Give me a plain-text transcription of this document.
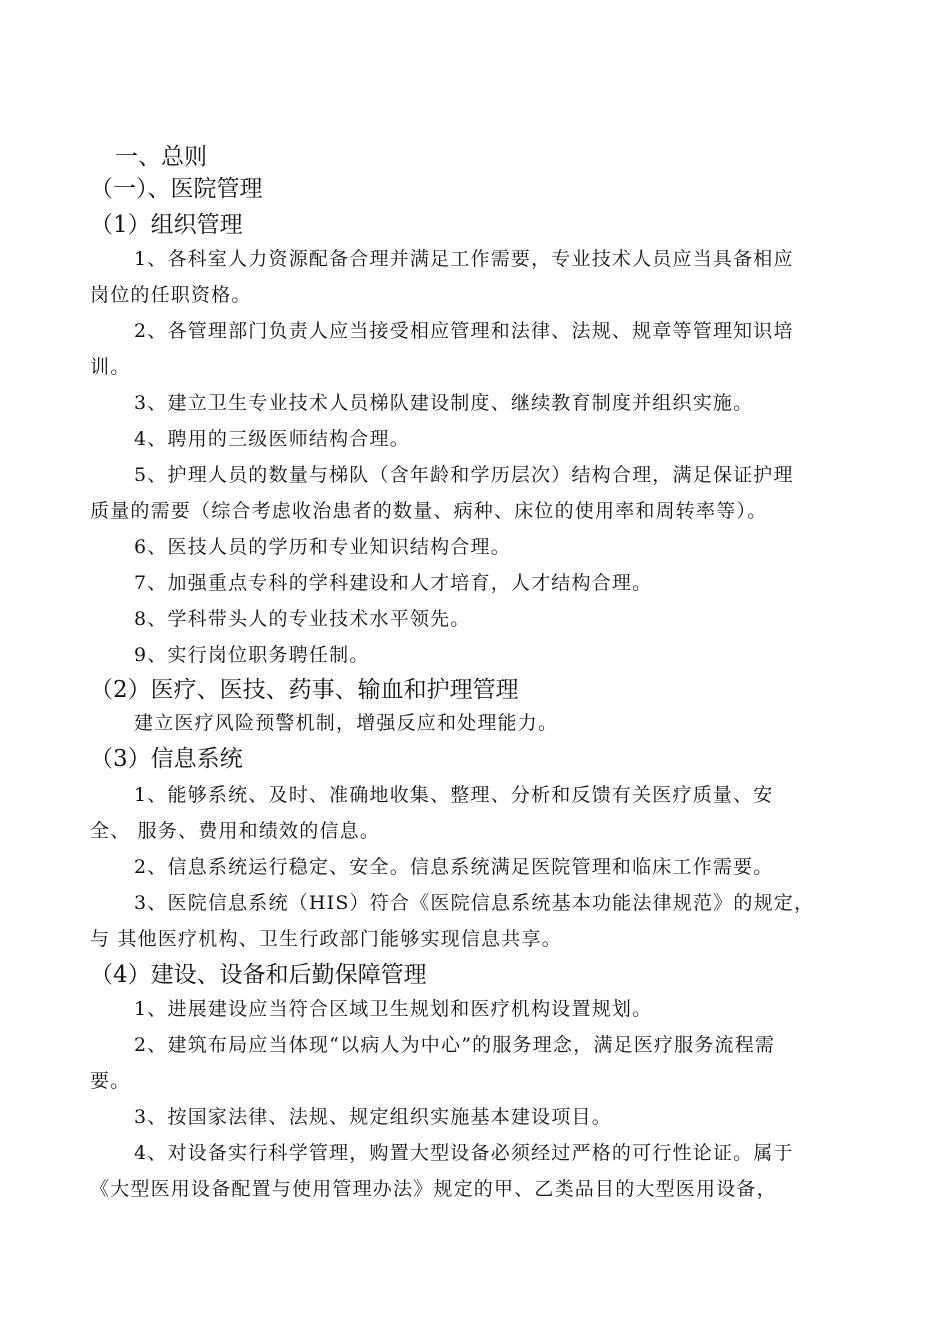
一、总则
（一）、医院管理
（1）组织管理
1、各科室人力资源配备合理并满足工作需要，专业技术人员应当具备相应
岗位的任职资格。
2、各管理部门负责人应当接受相应管理和法律、法规、规章等管理知识培
训。
3、建立卫生专业技术人员梯队建设制度、继续教育制度并组织实施。
4、聘用的三级医师结构合理。
5、护理人员的数量与梯队（含年龄和学历层次）结构合理，满足保证护理
质量的需要（综合考虑收治患者的数量、病种、床位的使用率和周转率等）。
6、医技人员的学历和专业知识结构合理。
7、加强重点专科的学科建设和人才培育，人才结构合理。
8、学科带头人的专业技术水平领先。
9、实行岗位职务聘任制。
（2）医疗、医技、药事、输血和护理管理
建立医疗风险预警机制，增强反应和处理能力。
（3）信息系统
1、能够系统、及时、准确地收集、整理、分析和反馈有关医疗质量、安
全、 服务、费用和绩效的信息。
2、信息系统运行稳定、安全。信息系统满足医院管理和临床工作需要。
3、医院信息系统（HIS）符合《医院信息系统基本功能法律规范》的规定，
与 其他医疗机构、卫生行政部门能够实现信息共享。
（4）建设、设备和后勤保障管理
1、进展建设应当符合区域卫生规划和医疗机构设置规划。
2、建筑布局应当体现“以病人为中心”的服务理念，满足医疗服务流程需
要。
3、按国家法律、法规、规定组织实施基本建设项目。
4、对设备实行科学管理，购置大型设备必须经过严格的可行性论证。属于
《大型医用设备配置与使用管理办法》规定的甲、乙类品目的大型医用设备，
